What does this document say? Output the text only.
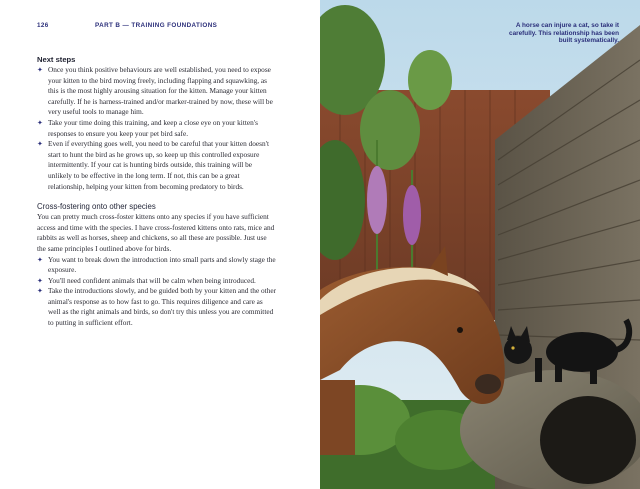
126	PART B — TRAINING FOUNDATIONS
Next steps
✦ Once you think positive behaviours are well established, you need to expose your kitten to the bird moving freely, including flapping and squawking, as this is the most highly arousing situation for the kitten. Manage your kitten carefully. If he is harness-trained and/or marker-trained by now, these will be very useful tools to manage him.
✦ Take your time doing this training, and keep a close eye on your kitten's responses to ensure you keep your pet bird safe.
✦ Even if everything goes well, you need to be careful that your kitten doesn't start to hunt the bird as he grows up, so keep up this controlled exposure intermittently. If your cat is hunting birds outside, this training will be unlikely to be effective in the long term. If not, this can be a great relationship, helping your kitten from becoming predatory to birds.
Cross-fostering onto other species

You can pretty much cross-foster kittens onto any species if you have sufficient access and time with the species. I have cross-fostered kittens onto rats, mice and rabbits as well as horses, sheep and chickens, so all these are possible. Just use the same principles I outlined above for birds.

✦ You want to break down the introduction into small parts and slowly stage the exposure.
✦ You'll need confident animals that will be calm when being introduced.
✦ Take the introductions slowly, and be guided both by your kitten and the other animal's response as to how fast to go. This requires diligence and care as well as the right animals and birds, so don't try this unless you are committed to putting in sufficient effort.
A horse can injure a cat, so take it carefully. This relationship has been built systematically.
